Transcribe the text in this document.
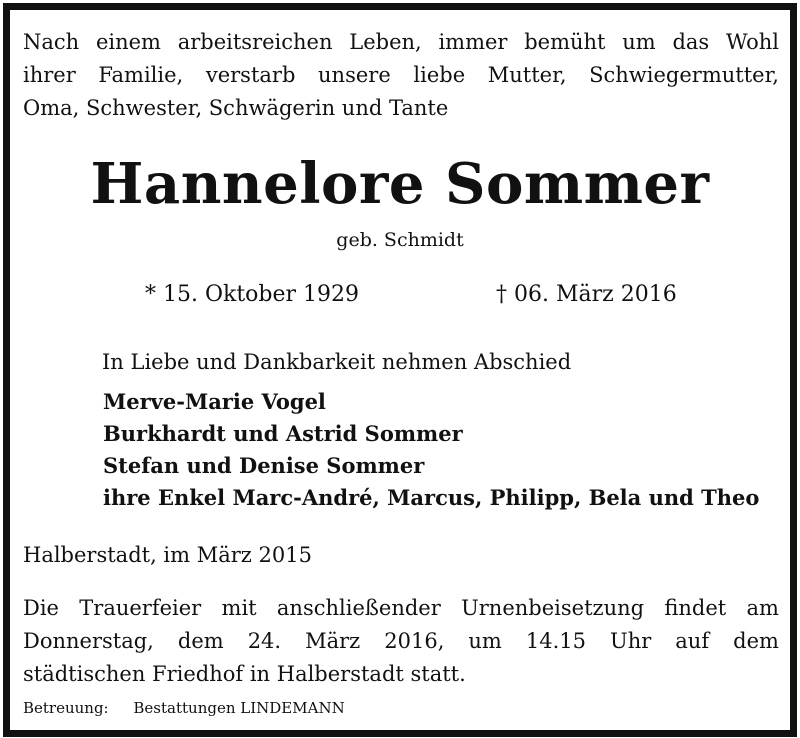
Nach einem arbeitsreichen Leben, immer bemüht um das Wohl
ihrer Familie, verstarb unsere liebe Mutter, Schwiegermutter,
Oma, Schwester, Schwägerin und Tante
Hannelore Sommer
geb. Schmidt
* 15. Oktober 1929	† 06. März 2016
In Liebe und Dankbarkeit nehmen Abschied
Merve-Marie Vogel
Burkhardt und Astrid Sommer
Stefan und Denise Sommer
ihre Enkel Marc-André, Marcus, Philipp, Bela und Theo
Halberstadt, im März 2015
Die Trauerfeier mit anschließender Urnenbeisetzung findet am
Donnerstag, dem 24. März 2016, um 14.15 Uhr auf dem
städtischen Friedhof in Halberstadt statt.
Betreuung: Bestattungen LINDEMANN
